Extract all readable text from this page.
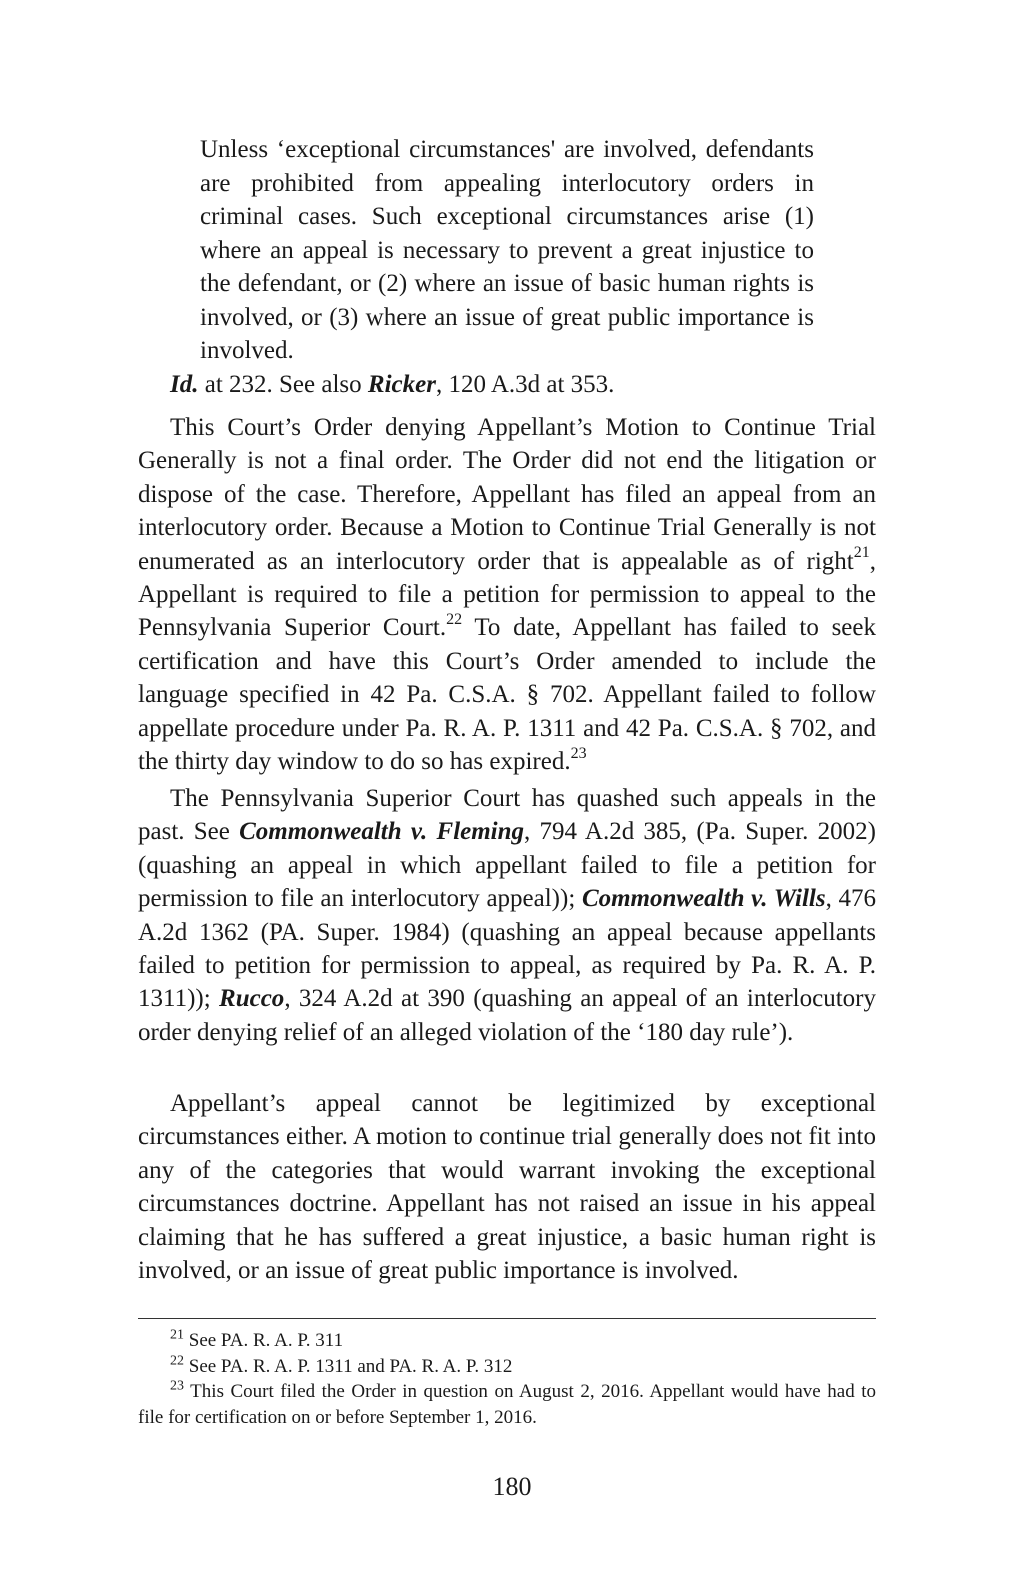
Unless ‘exceptional circumstances' are involved, defendants are prohibited from appealing interlocutory orders in criminal cases. Such exceptional circumstances arise (1) where an appeal is necessary to prevent a great injustice to the defendant, or (2) where an issue of basic human rights is involved, or (3) where an issue of great public importance is involved.

Id. at 232. See also Ricker, 120 A.3d at 353.

This Court’s Order denying Appellant’s Motion to Continue Trial Generally is not a final order. The Order did not end the litigation or dispose of the case. Therefore, Appellant has filed an appeal from an interlocutory order. Because a Motion to Continue Trial Generally is not enumerated as an interlocutory order that is appealable as of right$^{21}$, Appellant is required to file a petition for permission to appeal to the Pennsylvania Superior Court.$^{22}$ To date, Appellant has failed to seek certification and have this Court’s Order amended to include the language specified in 42 Pa. C.S.A. § 702. Appellant failed to follow appellate procedure under Pa. R. A. P. 1311 and 42 Pa. C.S.A. § 702, and the thirty day window to do so has expired.$^{23}$

The Pennsylvania Superior Court has quashed such appeals in the past. See Commonwealth v. Fleming, 794 A.2d 385, (Pa. Super. 2002) (quashing an appeal in which appellant failed to file a petition for permission to file an interlocutory appeal)); Commonwealth v. Wills, 476 A.2d 1362 (PA. Super. 1984) (quashing an appeal because appellants failed to petition for permission to appeal, as required by Pa. R. A. P. 1311)); Rucco, 324 A.2d at 390 (quashing an appeal of an interlocutory order denying relief of an alleged violation of the ‘180 day rule’).

Appellant’s appeal cannot be legitimized by exceptional circumstances either. A motion to continue trial generally does not fit into any of the categories that would warrant invoking the exceptional circumstances doctrine. Appellant has not raised an issue in his appeal claiming that he has suffered a great injustice, a basic human right is involved, or an issue of great public importance is involved.

$^{21}$ See PA. R. A. P. 311

$^{22}$ See PA. R. A. P. 1311 and PA. R. A. P. 312

$^{23}$ This Court filed the Order in question on August 2, 2016. Appellant would have had to file for certification on or before September 1, 2016.

180
